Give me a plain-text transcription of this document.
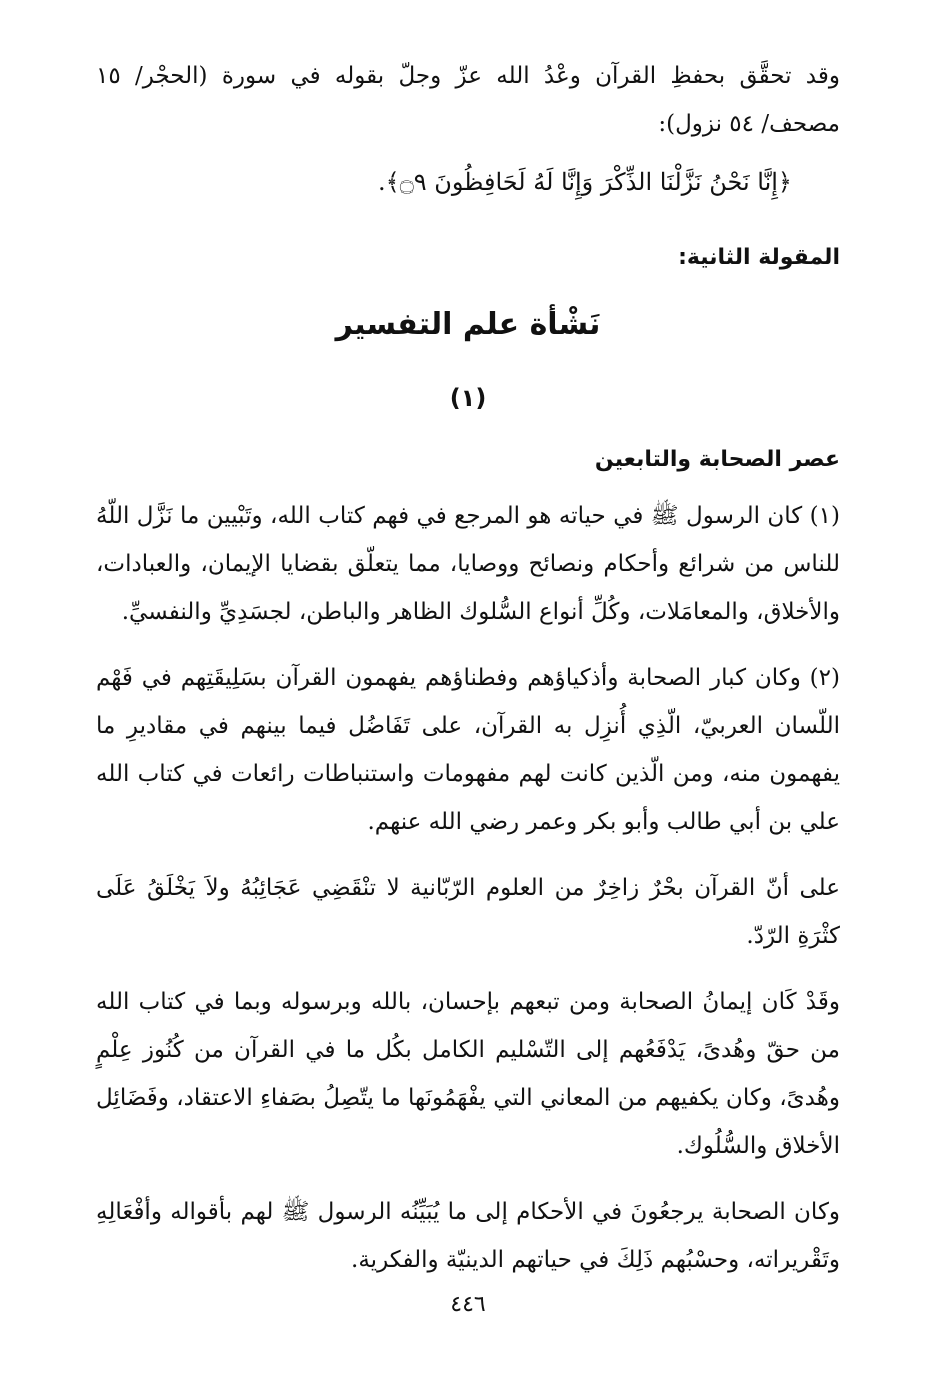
وقد تحقَّق بحفظِ القرآن وعْدُ الله عزّ وجلّ بقوله في سورة (الحجْر/ ١٥ مصحف/ ٥٤ نزول):

﴿إِنَّا نَحْنُ نَزَّلْنَا الذِّكْرَ وَإِنَّا لَهُ لَحَافِظُونَ ۝٩﴾.

المقولة الثانية:

نَشْأة علم التفسير

(١)

عصر الصحابة والتابعين

(١) كان الرسول ﷺ في حياته هو المرجع في فهم كتاب الله، وتَبْيين ما نَزَّل اللّهُ للناس من شرائع وأحكام ونصائح ووصايا، مما يتعلّق بقضايا الإيمان، والعبادات، والأخلاق، والمعامَلات، وكُلِّ أنواع السُّلوك الظاهر والباطن، لجسَدِيِّ والنفسيِّ.

(٢) وكان كبار الصحابة وأذكياؤهم وفطناؤهم يفهمون القرآن بسَلِيقَتِهم في فَهْم اللّسان العربيّ، الّذِي أُنزِل به القرآن، على تَفَاضُل فيما بينهم في مقاديرِ ما يفهمون منه، ومن الّذين كانت لهم مفهومات واستنباطات رائعات في كتاب الله علي بن أبي طالب وأبو بكر وعمر رضي الله عنهم.

على أنّ القرآن بحْرٌ زاخِرٌ من العلوم الرّبّانية لا تنْقَضِي عَجَائِبُهُ ولاَ يَخْلَقُ عَلَى كثْرَةِ الرّدّ.

وقَدْ كَان إيمانُ الصحابة ومن تبعهم بإحسان، بالله وبرسوله وبما في كتاب الله من حقّ وهُدىً، يَدْفَعُهم إلى التّسْليم الكامل بكُل ما في القرآن من كُنُوز عِلْمٍ وهُدىً، وكان يكفيهم من المعاني التي يفْهَمُونَها ما يتّصِلُ بصَفاءِ الاعتقاد، وفَضَائِل الأخلاق والسُّلُوك.

وكان الصحابة يرجعُونَ في الأحكام إلى ما يُبَيِّنُه الرسول ﷺ لهم بأقواله وأفْعَالِهِ وتَقْريراته، وحسْبُهم ذَلِكَ في حياتهم الدينيّة والفكرية.

٤٤٦
